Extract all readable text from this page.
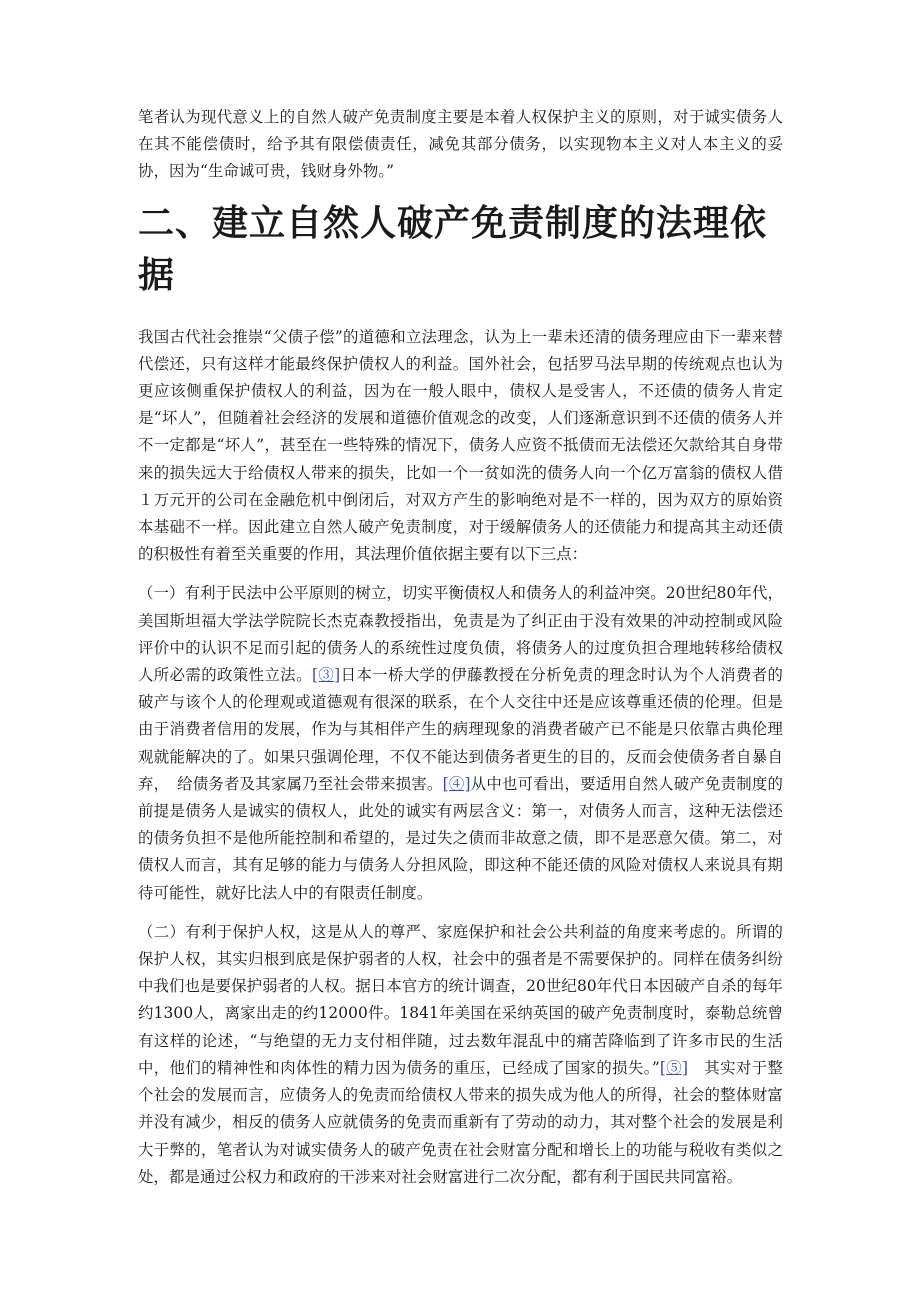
笔者认为现代意义上的自然人破产免责制度主要是本着人权保护主义的原则，对于诚实债务人在其不能偿债时，给予其有限偿债责任，减免其部分债务，以实现物本主义对人本主义的妥协，因为“生命诚可贵，钱财身外物。”

二、建立自然人破产免责制度的法理依据

我国古代社会推崇“父债子偿”的道德和立法理念，认为上一辈未还清的债务理应由下一辈来替代偿还，只有这样才能最终保护债权人的利益。国外社会，包括罗马法早期的传统观点也认为更应该侧重保护债权人的利益，因为在一般人眼中，债权人是受害人，不还债的债务人肯定是“坏人”，但随着社会经济的发展和道德价值观念的改变，人们逐渐意识到不还债的债务人并不一定都是“坏人”，甚至在一些特殊的情况下，债务人应资不抵债而无法偿还欠款给其自身带来的损失远大于给债权人带来的损失，比如一个一贫如洗的债务人向一个亿万富翁的债权人借１万元开的公司在金融危机中倒闭后，对双方产生的影响绝对是不一样的，因为双方的原始资本基础不一样。因此建立自然人破产免责制度，对于缓解债务人的还债能力和提高其主动还债的积极性有着至关重要的作用，其法理价值依据主要有以下三点：

（一）有利于民法中公平原则的树立，切实平衡债权人和债务人的利益冲突。20世纪80年代，美国斯坦福大学法学院院长杰克森教授指出，免责是为了纠正由于没有效果的冲动控制或风险评价中的认识不足而引起的债务人的系统性过度负债，将债务人的过度负担合理地转移给债权人所必需的政策性立法。[③]日本一桥大学的伊藤教授在分析免责的理念时认为个人消费者的破产与该个人的伦理观或道德观有很深的联系，在个人交往中还是应该尊重还债的伦理。但是由于消费者信用的发展，作为与其相伴产生的病理现象的消费者破产已不能是只依靠古典伦理观就能解决的了。如果只强调伦理，不仅不能达到债务者更生的目的，反而会使债务者自暴自弃，　给债务者及其家属乃至社会带来损害。[④]从中也可看出，要适用自然人破产免责制度的前提是债务人是诚实的债权人，此处的诚实有两层含义：第一，对债务人而言，这种无法偿还的债务负担不是他所能控制和希望的，是过失之债而非故意之债，即不是恶意欠债。第二，对债权人而言，其有足够的能力与债务人分担风险，即这种不能还债的风险对债权人来说具有期待可能性，就好比法人中的有限责任制度。

（二）有利于保护人权，这是从人的尊严、家庭保护和社会公共利益的角度来考虑的。所谓的保护人权，其实归根到底是保护弱者的人权，社会中的强者是不需要保护的。同样在债务纠纷中我们也是要保护弱者的人权。据日本官方的统计调查，20世纪80年代日本因破产自杀的每年约1300人，离家出走的约12000件。1841年美国在采纳英国的破产免责制度时，泰勒总统曾有这样的论述，“与绝望的无力支付相伴随，过去数年混乱中的痛苦降临到了许多市民的生活中，他们的精神性和肉体性的精力因为债务的重压，已经成了国家的损失。”[⑤]　其实对于整个社会的发展而言，应债务人的免责而给债权人带来的损失成为他人的所得，社会的整体财富并没有减少，相反的债务人应就债务的免责而重新有了劳动的动力，其对整个社会的发展是利大于弊的，笔者认为对诚实债务人的破产免责在社会财富分配和增长上的功能与税收有类似之处，都是通过公权力和政府的干涉来对社会财富进行二次分配，都有利于国民共同富裕。
